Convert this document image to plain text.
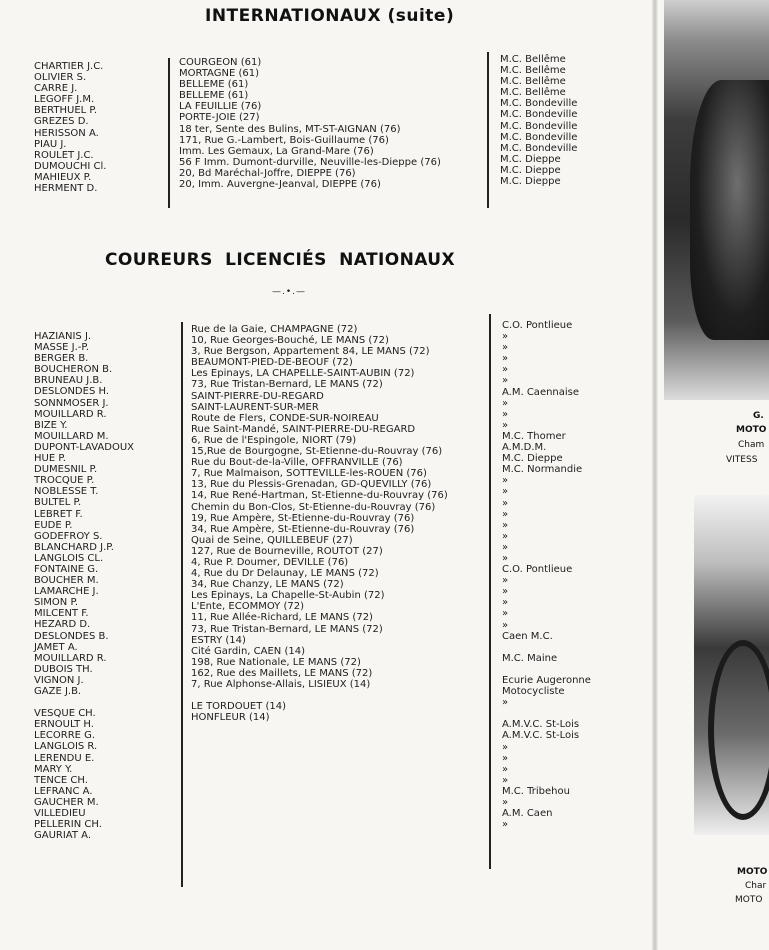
INTERNATIONAUX (suite)
CHARTIER J.C.
OLIVIER S.
CARRE J.
LEGOFF J.M.
BERTHUEL P.
GREZES D.
HERISSON A.
PIAU J.
ROULET J.C.
DUMOUCHI Cl.
MAHIEUX P.
HERMENT D.
COURGEON (61)
MORTAGNE (61)
BELLEME (61)
BELLEME (61)
LA FEUILLIE (76)
PORTE-JOIE (27)
18 ter, Sente des Bulins, MT-ST-AIGNAN (76)
171, Rue G.-Lambert, Bois-Guillaume (76)
Imm. Les Gemaux, La Grand-Mare (76)
56 F Imm. Dumont-durville, Neuville-les-Dieppe (76)
20, Bd Maréchal-Joffre, DIEPPE (76)
20, Imm. Auvergne-Jeanval, DIEPPE (76)
M.C. Bellême
M.C. Bellême
M.C. Bellême
M.C. Bellême
M.C. Bondeville
M.C. Bondeville
M.C. Bondeville
M.C. Bondeville
M.C. Bondeville
M.C. Dieppe
M.C. Dieppe
M.C. Dieppe
COUREURS LICENCIÉS NATIONAUX
—.•.—
HAZIANIS J.
MASSE J.-P.
BERGER B.
BOUCHERON B.
BRUNEAU J.B.
DESLONDES H.
SONNMOSER J.
MOUILLARD R.
BIZE Y.
MOUILLARD M.
DUPONT-LAVADOUX
HUE P.
DUMESNIL P.
TROCQUE P.
NOBLESSE T.
BULTEL P.
LEBRET F.
EUDE P.
GODEFROY S.
BLANCHARD J.P.
LANGLOIS CL.
FONTAINE G.
BOUCHER M.
LAMARCHE J.
SIMON P.
MILCENT F.
HEZARD D.
DESLONDES B.
JAMET A.
MOUILLARD R.
DUBOIS TH.
VIGNON J.
GAZE J.B.
VESQUE CH.
ERNOULT H.
LECORRE G.
LANGLOIS R.
LERENDU E.
MARY Y.
TENCE CH.
LEFRANC A.
GAUCHER M.
VILLEDIEU
PELLERIN CH.
GAURIAT A.
Rue de la Gaie, CHAMPAGNE (72)
10, Rue Georges-Bouché, LE MANS (72)
3, Rue Bergson, Appartement 84, LE MANS (72)
BEAUMONT-PIED-DE-BEOUF (72)
Les Epinays, LA CHAPELLE-SAINT-AUBIN (72)
73, Rue Tristan-Bernard, LE MANS (72)
SAINT-PIERRE-DU-REGARD
SAINT-LAURENT-SUR-MER
Route de Flers, CONDE-SUR-NOIREAU
Rue Saint-Mandé, SAINT-PIERRE-DU-REGARD
6, Rue de l'Espingole, NIORT (79)
15,Rue de Bourgogne, St-Etienne-du-Rouvray (76)
Rue du Bout-de-la-Ville, OFFRANVILLE (76)
7, Rue Malmaison, SOTTEVILLE-les-ROUEN (76)
13, Rue du Plessis-Grenadan, GD-QUEVILLY (76)
14, Rue René-Hartman, St-Etienne-du-Rouvray (76)
Chemin du Bon-Clos, St-Etienne-du-Rouvray (76)
19, Rue Ampère, St-Etienne-du-Rouvray (76)
34, Rue Ampère, St-Etienne-du-Rouvray (76)
Quai de Seine, QUILLEBEUF (27)
127, Rue de Bourneville, ROUTOT (27)
4, Rue P. Doumer, DEVILLE (76)
4, Rue du Dr Delaunay, LE MANS (72)
34, Rue Chanzy, LE MANS (72)
Les Epinays, La Chapelle-St-Aubin (72)
L'Ente, ECOMMOY (72)
11, Rue Allée-Richard, LE MANS (72)
73, Rue Tristan-Bernard, LE MANS (72)
ESTRY (14)
Cité Gardin, CAEN (14)
198, Rue Nationale, LE MANS (72)
162, Rue des Maillets, LE MANS (72)
7, Rue Alphonse-Allais, LISIEUX (14)
LE TORDOUET (14)
HONFLEUR (14)
C.O. Pontlieue
»
»
»
»
»
A.M. Caennaise
»
»
»
M.C. Thomer
A.M.D.M.
M.C. Dieppe
M.C. Normandie
»
»
»
»
»
»
»
»
C.O. Pontlieue
»
»
»
»
»
Caen M.C.
M.C. Maine
Ecurie Augeronne
Motocycliste
»
A.M.V.C. St-Lois
A.M.V.C. St-Lois
»
»
»
»
M.C. Tribehou
»
A.M. Caen
»
G.
MOTO
Cham
VITESS
MOTO
Char
MOTO
